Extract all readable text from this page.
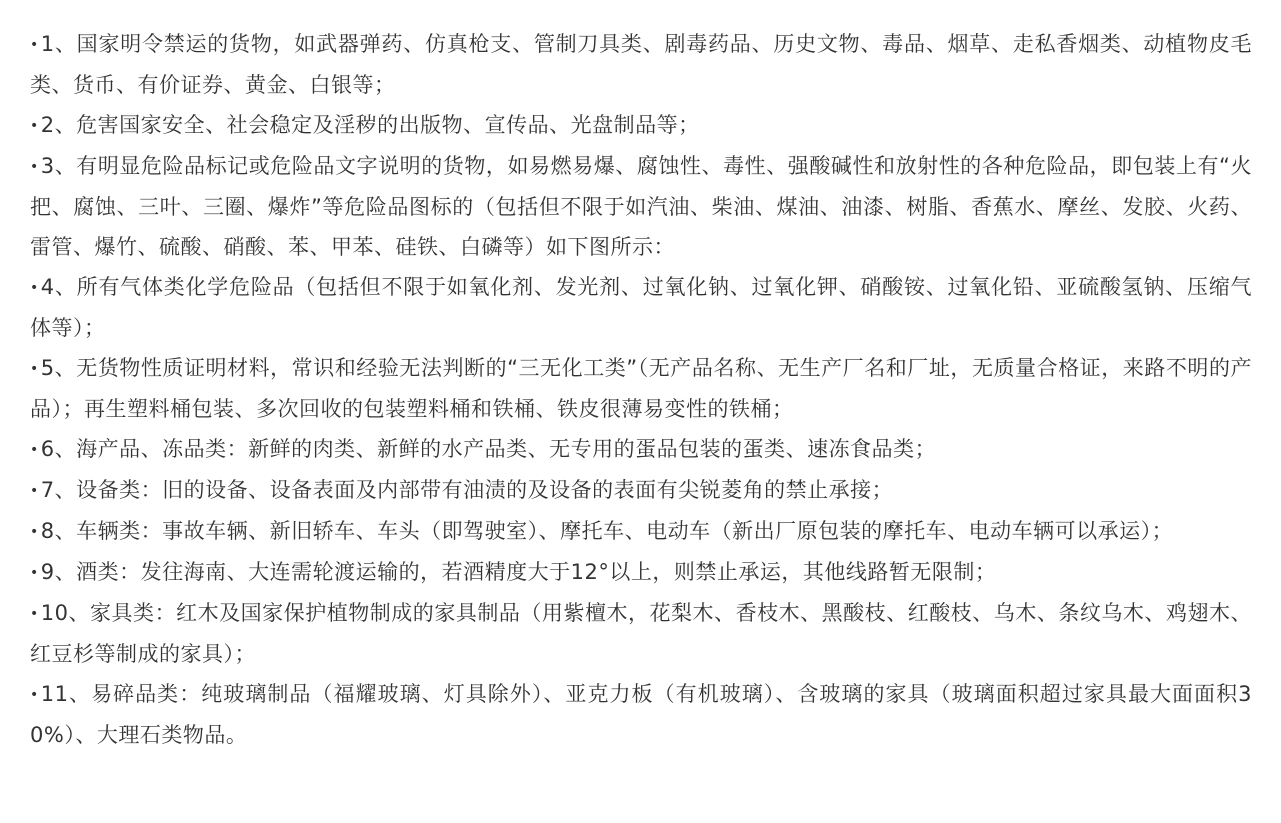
•1、国家明令禁运的货物，如武器弹药、仿真枪支、管制刀具类、剧毒药品、历史文物、毒品、烟草、走私香烟类、动植物皮毛类、货币、有价证券、黄金、白银等；
•2、危害国家安全、社会稳定及淫秽的出版物、宣传品、光盘制品等；
•3、有明显危险品标记或危险品文字说明的货物，如易燃易爆、腐蚀性、毒性、强酸碱性和放射性的各种危险品，即包装上有“火把、腐蚀、三叶、三圈、爆炸”等危险品图标的（包括但不限于如汽油、柴油、煤油、油漆、树脂、香蕉水、摩丝、发胶、火药、雷管、爆竹、硫酸、硝酸、苯、甲苯、硅铁、白磷等）如下图所示：
•4、所有气体类化学危险品（包括但不限于如氧化剂、发光剂、过氧化钠、过氧化钾、硝酸铵、过氧化铅、亚硫酸氢钠、压缩气体等）；
•5、无货物性质证明材料，常识和经验无法判断的“三无化工类”（无产品名称、无生产厂名和厂址，无质量合格证，来路不明的产品）；再生塑料桶包装、多次回收的包装塑料桶和铁桶、铁皮很薄易变性的铁桶；
•6、海产品、冻品类：新鲜的肉类、新鲜的水产品类、无专用的蛋品包装的蛋类、速冻食品类；
•7、设备类：旧的设备、设备表面及内部带有油渍的及设备的表面有尖锐菱角的禁止承接；
•8、车辆类：事故车辆、新旧轿车、车头（即驾驶室）、摩托车、电动车（新出厂原包装的摩托车、电动车辆可以承运）；
•9、酒类：发往海南、大连需轮渡运输的，若酒精度大于12°以上，则禁止承运，其他线路暂无限制；
•10、家具类：红木及国家保护植物制成的家具制品（用紫檀木，花梨木、香枝木、黑酸枝、红酸枝、乌木、条纹乌木、鸡翅木、红豆杉等制成的家具）；
•11、易碎品类：纯玻璃制品（福耀玻璃、灯具除外）、亚克力板（有机玻璃）、含玻璃的家具（玻璃面积超过家具最大面面积30%）、大理石类物品。
